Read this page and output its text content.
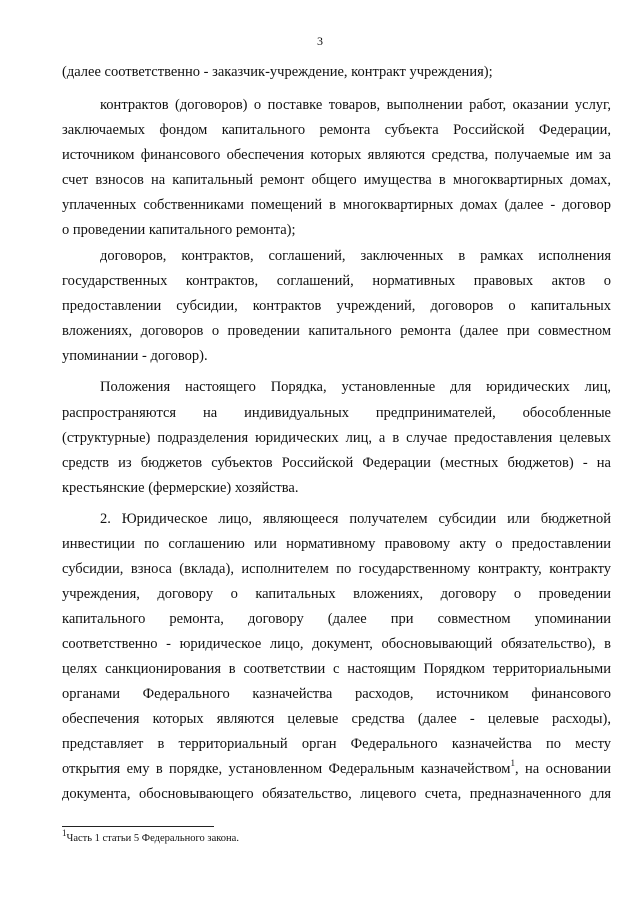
3
(далее соответственно - заказчик-учреждение, контракт учреждения);
контрактов (договоров) о поставке товаров, выполнении работ, оказании услуг,
заключаемых фондом капитального ремонта субъекта Российской Федерации,
источником финансового обеспечения которых являются средства, получаемые им за
счет взносов на капитальный ремонт общего имущества в многоквартирных домах,
уплаченных собственниками помещений в многоквартирных домах (далее - договор
о проведении капитального ремонта);
договоров, контрактов, соглашений, заключенных в рамках исполнения
государственных контрактов, соглашений, нормативных правовых актов о
предоставлении субсидии, контрактов учреждений, договоров о капитальных
вложениях, договоров о проведении капитального ремонта (далее при совместном
упоминании - договор).
Положения настоящего Порядка, установленные для юридических лиц,
распространяются на индивидуальных предпринимателей, обособленные
(структурные) подразделения юридических лиц, а в случае предоставления целевых
средств из бюджетов субъектов Российской Федерации (местных бюджетов) - на
крестьянские (фермерские) хозяйства.
2. Юридическое лицо, являющееся получателем субсидии или бюджетной
инвестиции по соглашению или нормативному правовому акту о предоставлении
субсидии, взноса (вклада), исполнителем по государственному контракту, контракту
учреждения, договору о капитальных вложениях, договору о проведении
капитального ремонта, договору (далее при совместном упоминании
соответственно - юридическое лицо, документ, обосновывающий обязательство), в
целях санкционирования в соответствии с настоящим Порядком территориальными
органами Федерального казначейства расходов, источником финансового
обеспечения которых являются целевые средства (далее - целевые расходы),
представляет в территориальный орган Федерального казначейства по месту
открытия ему в порядке, установленном Федеральным казначейством$^1$, на основании
документа, обосновывающего обязательство, лицевого счета, предназначенного для
$^1$Часть 1 статьи 5 Федерального закона.
